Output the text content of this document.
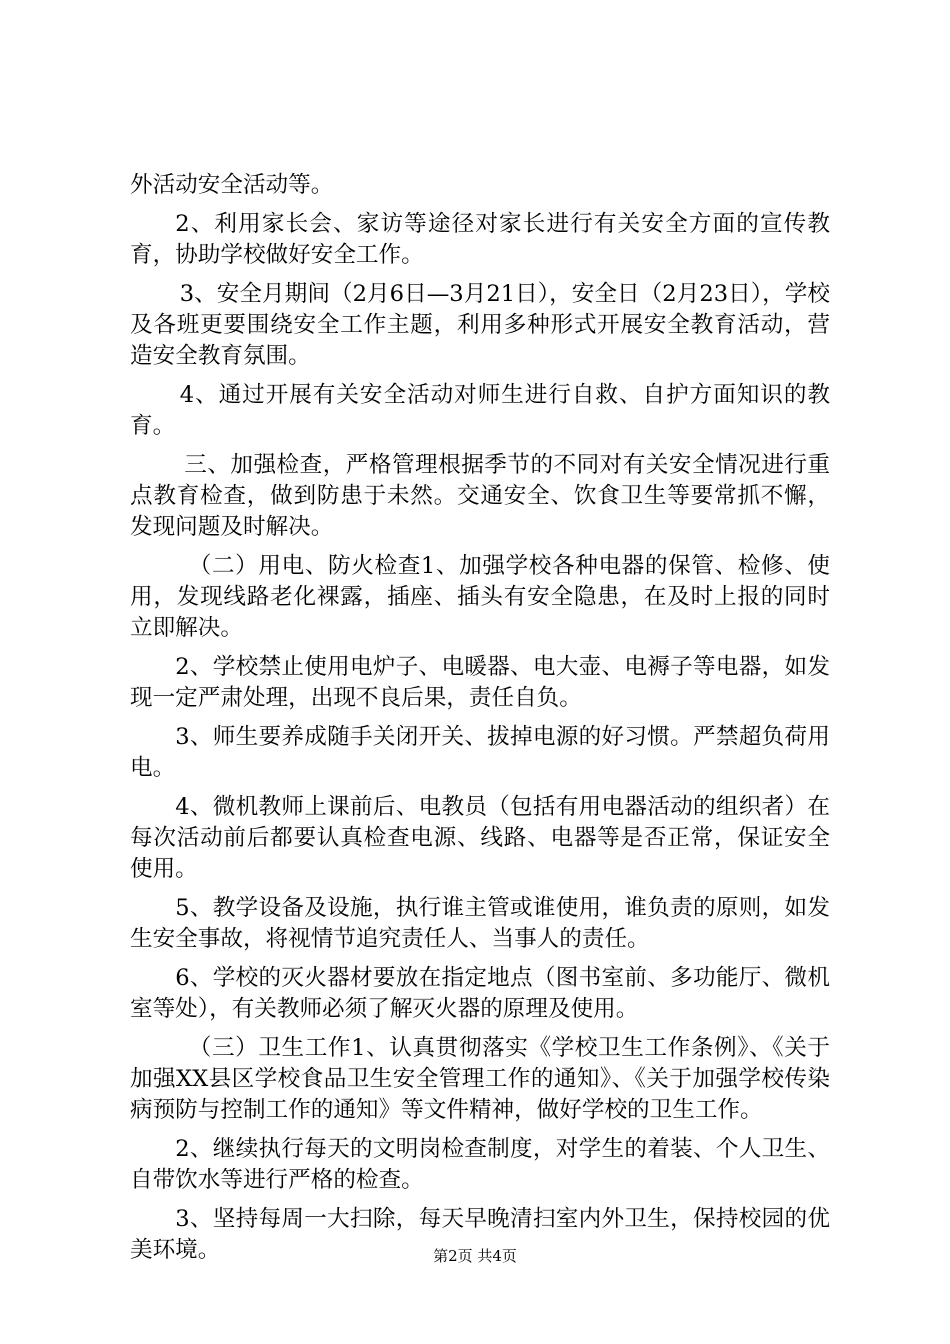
外活动安全活动等。

2、利用家长会、家访等途径对家长进行有关安全方面的宣传教育，协助学校做好安全工作。

3、安全月期间（2月6日—3月21日），安全日（2月23日），学校及各班更要围绕安全工作主题，利用多种形式开展安全教育活动，营造安全教育氛围。

4、通过开展有关安全活动对师生进行自救、自护方面知识的教育。

三、加强检查，严格管理根据季节的不同对有关安全情况进行重点教育检查，做到防患于未然。交通安全、饮食卫生等要常抓不懈，发现问题及时解决。

（二）用电、防火检查1、加强学校各种电器的保管、检修、使用，发现线路老化裸露，插座、插头有安全隐患，在及时上报的同时立即解决。

2、学校禁止使用电炉子、电暖器、电大壶、电褥子等电器，如发现一定严肃处理，出现不良后果，责任自负。

3、师生要养成随手关闭开关、拔掉电源的好习惯。严禁超负荷用电。

4、微机教师上课前后、电教员（包括有用电器活动的组织者）在每次活动前后都要认真检查电源、线路、电器等是否正常，保证安全使用。

5、教学设备及设施，执行谁主管或谁使用，谁负责的原则，如发生安全事故，将视情节追究责任人、当事人的责任。

6、学校的灭火器材要放在指定地点（图书室前、多功能厅、微机室等处），有关教师必须了解灭火器的原理及使用。

（三）卫生工作1、认真贯彻落实《学校卫生工作条例》、《关于加强XX县区学校食品卫生安全管理工作的通知》、《关于加强学校传染病预防与控制工作的通知》等文件精神，做好学校的卫生工作。

2、继续执行每天的文明岗检查制度，对学生的着装、个人卫生、自带饮水等进行严格的检查。

3、坚持每周一大扫除，每天早晚清扫室内外卫生，保持校园的优美环境。	第2页 共4页
